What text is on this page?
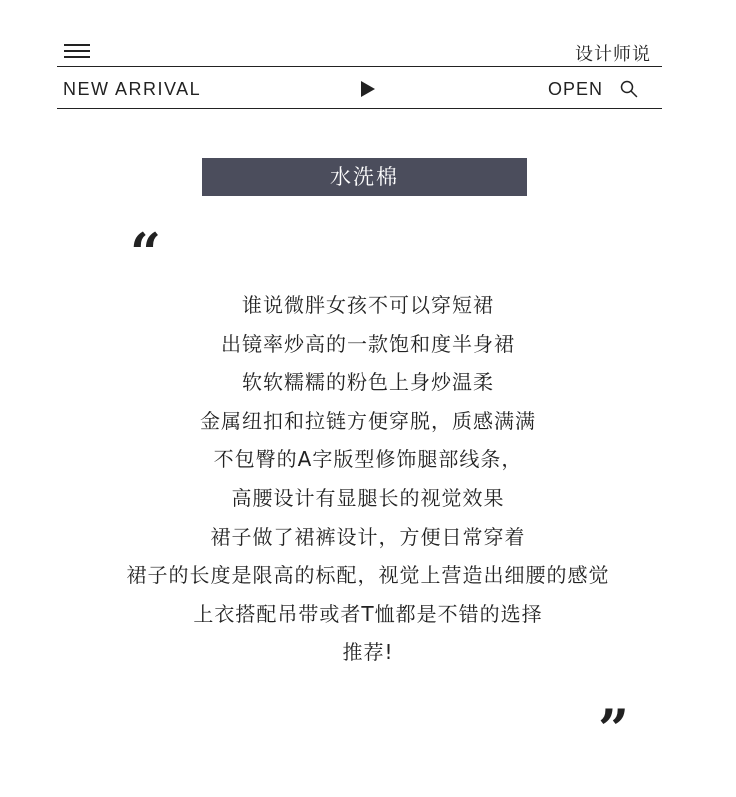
设计师说
NEW ARRIVAL	OPEN
水洗棉
“
谁说微胖女孩不可以穿短裙
出镜率炒高的一款饱和度半身裙
软软糯糯的粉色上身炒温柔
金属纽扣和拉链方便穿脱，质感满满
不包臀的A字版型修饰腿部线条，
高腰设计有显腿长的视觉效果
裙子做了裙裤设计，方便日常穿着
裙子的长度是限高的标配，视觉上营造出细腰的感觉
上衣搭配吊带或者T恤都是不错的选择
推荐!
”
